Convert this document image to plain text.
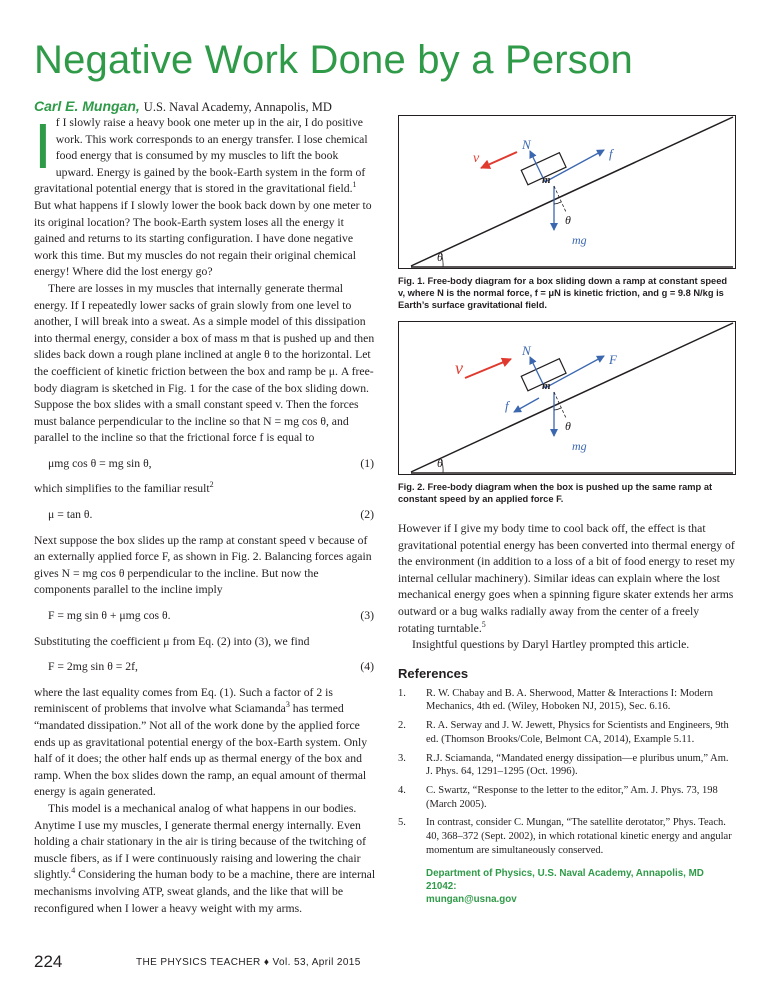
Negative Work Done by a Person
Carl E. Mungan, U.S. Naval Academy, Annapolis, MD

If I slowly raise a heavy book one meter up in the air, I do positive work. This work corresponds to an energy transfer. I lose chemical food energy that is consumed by my muscles to lift the book upward. Energy is gained by the book-Earth system in the form of gravitational potential energy that is stored in the gravitational field.$^1$ But what happens if I slowly lower the book back down by one meter to its original location? The book-Earth system loses all the energy it gained and returns to its starting configuration. I have done negative work this time. But my muscles do not regain their original chemical energy! Where did the lost energy go?

There are losses in my muscles that internally generate thermal energy. If I repeatedly lower sacks of grain slowly from one level to another, I will break into a sweat. As a simple model of this dissipation into thermal energy, consider a box of mass m that is pushed up and then slides back down a rough plane inclined at angle θ to the horizontal. Let the coefficient of kinetic friction between the box and ramp be μ. A free-body diagram is sketched in Fig. 1 for the case of the box sliding down. Suppose the box slides with a small constant speed v. Then the forces must balance perpendicular to the incline so that N = mg cos θ, and parallel to the incline so that the frictional force f is equal to

μmg cos θ = mg sin θ,	(1)

which simplifies to the familiar result$^2$

μ = tan θ.	(2)

Next suppose the box slides up the ramp at constant speed v because of an externally applied force F, as shown in Fig. 2. Balancing forces again gives N = mg cos θ perpendicular to the incline. But now the components parallel to the incline imply

F = mg sin θ + μmg cos θ.	(3)

Substituting the coefficient μ from Eq. (2) into (3), we find

F = 2mg sin θ = 2f,	(4)

where the last equality comes from Eq. (1). Such a factor of 2 is reminiscent of problems that involve what Sciamanda$^3$ has termed “mandated dissipation.” Not all of the work done by the applied force ends up as gravitational potential energy of the box-Earth system. Only half of it does; the other half ends up as thermal energy of the box and ramp. When the box slides down the ramp, an equal amount of thermal energy is again generated.

This model is a mechanical analog of what happens in our bodies. Anytime I use my muscles, I generate thermal energy internally. Even holding a chair stationary in the air is tiring because of the twitching of muscle fibers, as if I were continuously raising and lowering the chair slightly.$^4$ Considering the human body to be a machine, there are internal mechanisms involving ATP, sweat glands, and the like that will be reconfigured when I lower a heavy weight with my arms.

N
f
v
m
θ
mg
θ

Fig. 1. Free-body diagram for a box sliding down a ramp at constant speed v, where N is the normal force, f = μN is kinetic friction, and g = 9.8 N/kg is Earth’s surface gravitational field.

N
F
v
m
f
θ
mg
θ

Fig. 2. Free-body diagram when the box is pushed up the same ramp at constant speed by an applied force F.

However if I give my body time to cool back off, the effect is that gravitational potential energy has been converted into thermal energy of the environment (in addition to a loss of a bit of food energy to reset my internal cellular machinery). Similar ideas can explain where the lost mechanical energy goes when a spinning figure skater extends her arms outward or a bug walks radially away from the center of a freely rotating turntable.$^5$

Insightful questions by Daryl Hartley prompted this article.

References
1.	R. W. Chabay and B. A. Sherwood, Matter & Interactions I: Modern Mechanics, 4th ed. (Wiley, Hoboken NJ, 2015), Sec. 6.16.
2.	R. A. Serway and J. W. Jewett, Physics for Scientists and Engineers, 9th ed. (Thomson Brooks/Cole, Belmont CA, 2014), Example 5.11.
3.	R.J. Sciamanda, “Mandated energy dissipation—e pluribus unum,” Am. J. Phys. 64, 1291–1295 (Oct. 1996).
4.	C. Swartz, “Response to the letter to the editor,” Am. J. Phys. 73, 198 (March 2005).
5.	In contrast, consider C. Mungan, “The satellite derotator,” Phys. Teach. 40, 368–372 (Sept. 2002), in which rotational kinetic energy and angular momentum are simultaneously conserved.
Department of Physics, U.S. Naval Academy, Annapolis, MD 21042:
mungan@usna.gov
224	THE PHYSICS TEACHER ♦ Vol. 53, April 2015
